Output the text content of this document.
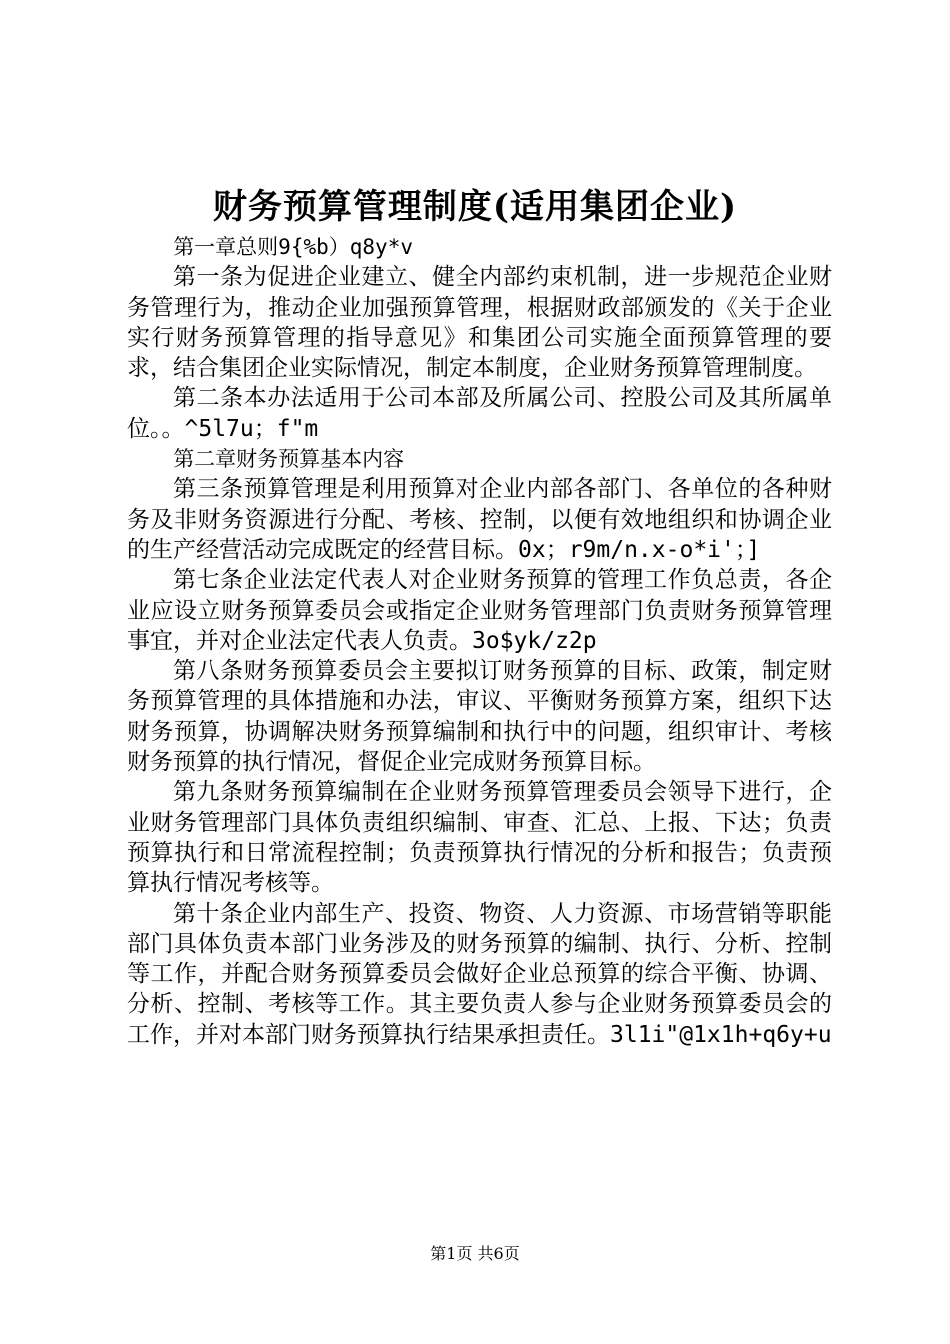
财务预算管理制度(适用集团企业)

第一章总则9{%b）q8y*v

第一条为促进企业建立、健全内部约束机制，进一步规范企业财务管理行为，推动企业加强预算管理，根据财政部颁发的《关于企业实行财务预算管理的指导意见》和集团公司实施全面预算管理的要求，结合集团企业实际情况，制定本制度，企业财务预算管理制度。

第二条本办法适用于公司本部及所属公司、控股公司及其所属单位。。^5l7u；f"m

第二章财务预算基本内容

第三条预算管理是利用预算对企业内部各部门、各单位的各种财务及非财务资源进行分配、考核、控制，以便有效地组织和协调企业的生产经营活动完成既定的经营目标。0x；r9m/n.x-o*i'；]

第七条企业法定代表人对企业财务预算的管理工作负总责，各企业应设立财务预算委员会或指定企业财务管理部门负责财务预算管理事宜，并对企业法定代表人负责。3o$yk/z2p

第八条财务预算委员会主要拟订财务预算的目标、政策，制定财务预算管理的具体措施和办法，审议、平衡财务预算方案，组织下达财务预算，协调解决财务预算编制和执行中的问题，组织审计、考核财务预算的执行情况，督促企业完成财务预算目标。

第九条财务预算编制在企业财务预算管理委员会领导下进行，企业财务管理部门具体负责组织编制、审查、汇总、上报、下达；负责预算执行和日常流程控制；负责预算执行情况的分析和报告；负责预算执行情况考核等。

第十条企业内部生产、投资、物资、人力资源、市场营销等职能部门具体负责本部门业务涉及的财务预算的编制、执行、分析、控制等工作，并配合财务预算委员会做好企业总预算的综合平衡、协调、分析、控制、考核等工作。其主要负责人参与企业财务预算委员会的工作，并对本部门财务预算执行结果承担责任。3l1i"@1x1h+q6y+u

第1页 共6页
